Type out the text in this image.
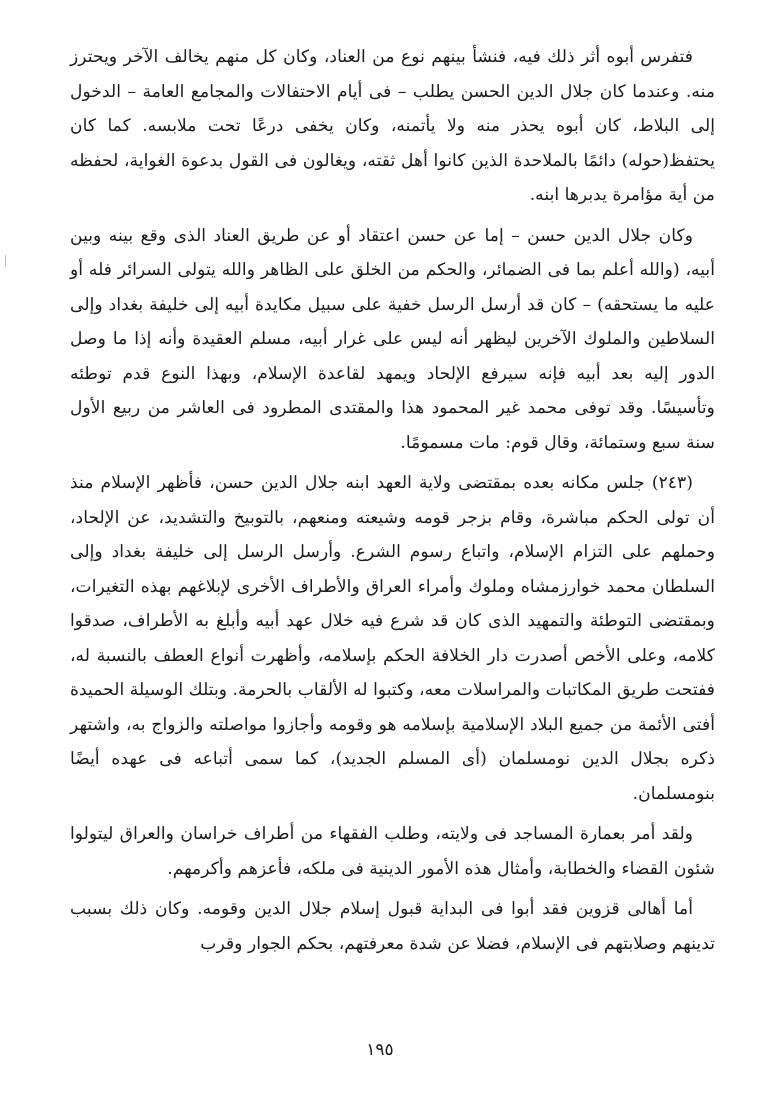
فتفرس أبوه أثر ذلك فيه، فنشأ بينهم نوع من العناد، وكان كل منهم يخالف الآخر ويحترز منه. وعندما كان جلال الدين الحسن يطلب – فى أيام الاحتفالات والمجامع العامة – الدخول إلى البلاط، كان أبوه يحذر منه ولا يأتمنه، وكان يخفى درعًا تحت ملابسه. كما كان يحتفظ(حوله) دائمًا بالملاحدة الذين كانوا أهل ثقته، ويغالون فى القول بدعوة الغواية، لحفظه من أية مؤامرة يدبرها ابنه.

وكان جلال الدين حسن – إما عن حسن اعتقاد أو عن طريق العناد الذى وقع بينه وبين أبيه، (والله أعلم بما فى الضمائر، والحكم من الخلق على الظاهر والله يتولى السرائر فله أو عليه ما يستحقه) – كان قد أرسل الرسل خفية على سبيل مكايدة أبيه إلى خليفة بغداد وإلى السلاطين والملوك الآخرين ليظهر أنه ليس على غرار أبيه، مسلم العقيدة وأنه إذا ما وصل الدور إليه بعد أبيه فإنه سيرفع الإلحاد ويمهد لقاعدة الإسلام، وبهذا النوع قدم توطئه وتأسيسًا. وقد توفى محمد غير المحمود هذا والمقتدى المطرود فى العاشر من ربيع الأول سنة سبع وستمائة، وقال قوم: مات مسمومًا.

(٢٤٣) جلس مكانه بعده بمقتضى ولاية العهد ابنه جلال الدين حسن، فأظهر الإسلام منذ أن تولى الحكم مباشرة، وقام بزجر قومه وشيعته ومنعهم، بالتوبيخ والتشديد، عن الإلحاد، وحملهم على التزام الإسلام، واتباع رسوم الشرع. وأرسل الرسل إلى خليفة بغداد وإلى السلطان محمد خوارزمشاه وملوك وأمراء العراق والأطراف الأخرى لإبلاغهم بهذه التغيرات، وبمقتضى التوطئة والتمهيد الذى كان قد شرع فيه خلال عهد أبيه وأبلغ به الأطراف، صدقوا كلامه، وعلى الأخص أصدرت دار الخلافة الحكم بإسلامه، وأظهرت أنواع العطف بالنسبة له، ففتحت طريق المكاتبات والمراسلات معه، وكتبوا له الألقاب بالحرمة. وبتلك الوسيلة الحميدة أفتى الأئمة من جميع البلاد الإسلامية بإسلامه هو وقومه وأجازوا مواصلته والزواج به، واشتهر ذكره بجلال الدين نومسلمان (أى المسلم الجديد)، كما سمى أتباعه فى عهده أيضًا بنومسلمان.

ولقد أمر بعمارة المساجد فى ولايته، وطلب الفقهاء من أطراف خراسان والعراق ليتولوا شئون القضاء والخطابة، وأمثال هذه الأمور الدينية فى ملكه، فأعزهم وأكرمهم.

أما أهالى قزوين فقد أبوا فى البداية قبول إسلام جلال الدين وقومه. وكان ذلك بسبب تدينهم وصلابتهم فى الإسلام، فضلا عن شدة معرفتهم، بحكم الجوار وقرب

١٩٥
